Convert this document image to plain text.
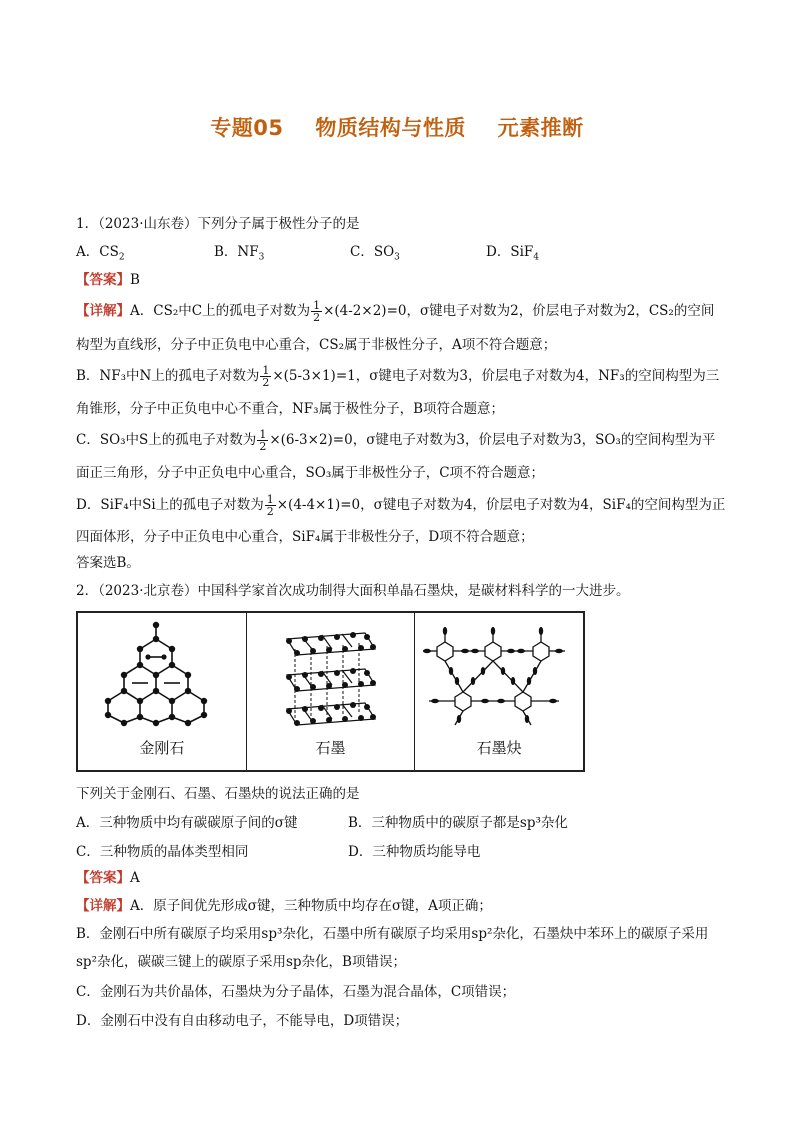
专题05 物质结构与性质 元素推断
1．（2023·山东卷）下列分子属于极性分子的是
A．$CS_2$	B．$NF_3$	C．$SO_3$	D．SiF$_4$
【答案】B
【详解】A．CS₂中C上的孤电子对数为 $\frac{1}{2} \times(4-2\times 2)=0$，σ键电子对数为2，价层电子对数为2，CS₂的空间
构型为直线形，分子中正负电中心重合，CS₂属于非极性分子，A项不符合题意；
B．NF₃中N上的孤电子对数为 $\frac{1}{2} \times(5-3\times 1)=1$，σ键电子对数为3，价层电子对数为4，NF₃的空间构型为三
角锥形，分子中正负电中心不重合，NF₃属于极性分子，B项符合题意；
C．SO₃中S上的孤电子对数为 $\frac{1}{2} \times(6-3\times 2)=0$，σ键电子对数为3，价层电子对数为3，SO₃的空间构型为平
面正三角形，分子中正负电中心重合，SO₃属于非极性分子，C项不符合题意；
D．SiF₄中Si上的孤电子对数为 $\frac{1}{2} \times(4-4\times 1)=0$，σ键电子对数为4，价层电子对数为4，SiF₄的空间构型为正
四面体形，分子中正负电中心重合，SiF₄属于非极性分子，D项不符合题意；
答案选B。
2．（2023·北京卷）中国科学家首次成功制得大面积单晶石墨炔，是碳材料科学的一大进步。
金刚石	石墨	石墨炔
下列关于金刚石、石墨、石墨炔的说法正确的是
A．三种物质中均有碳碳原子间的σ键	B．三种物质中的碳原子都是sp³杂化
C．三种物质的晶体类型相同	D．三种物质均能导电
【答案】A
【详解】A．原子间优先形成σ键，三种物质中均存在σ键，A项正确；
B．金刚石中所有碳原子均采用sp³杂化，石墨中所有碳原子均采用sp²杂化，石墨炔中苯环上的碳原子采用
sp²杂化，碳碳三键上的碳原子采用sp杂化，B项错误；
C．金刚石为共价晶体，石墨炔为分子晶体，石墨为混合晶体，C项错误；
D．金刚石中没有自由移动电子，不能导电，D项错误；
